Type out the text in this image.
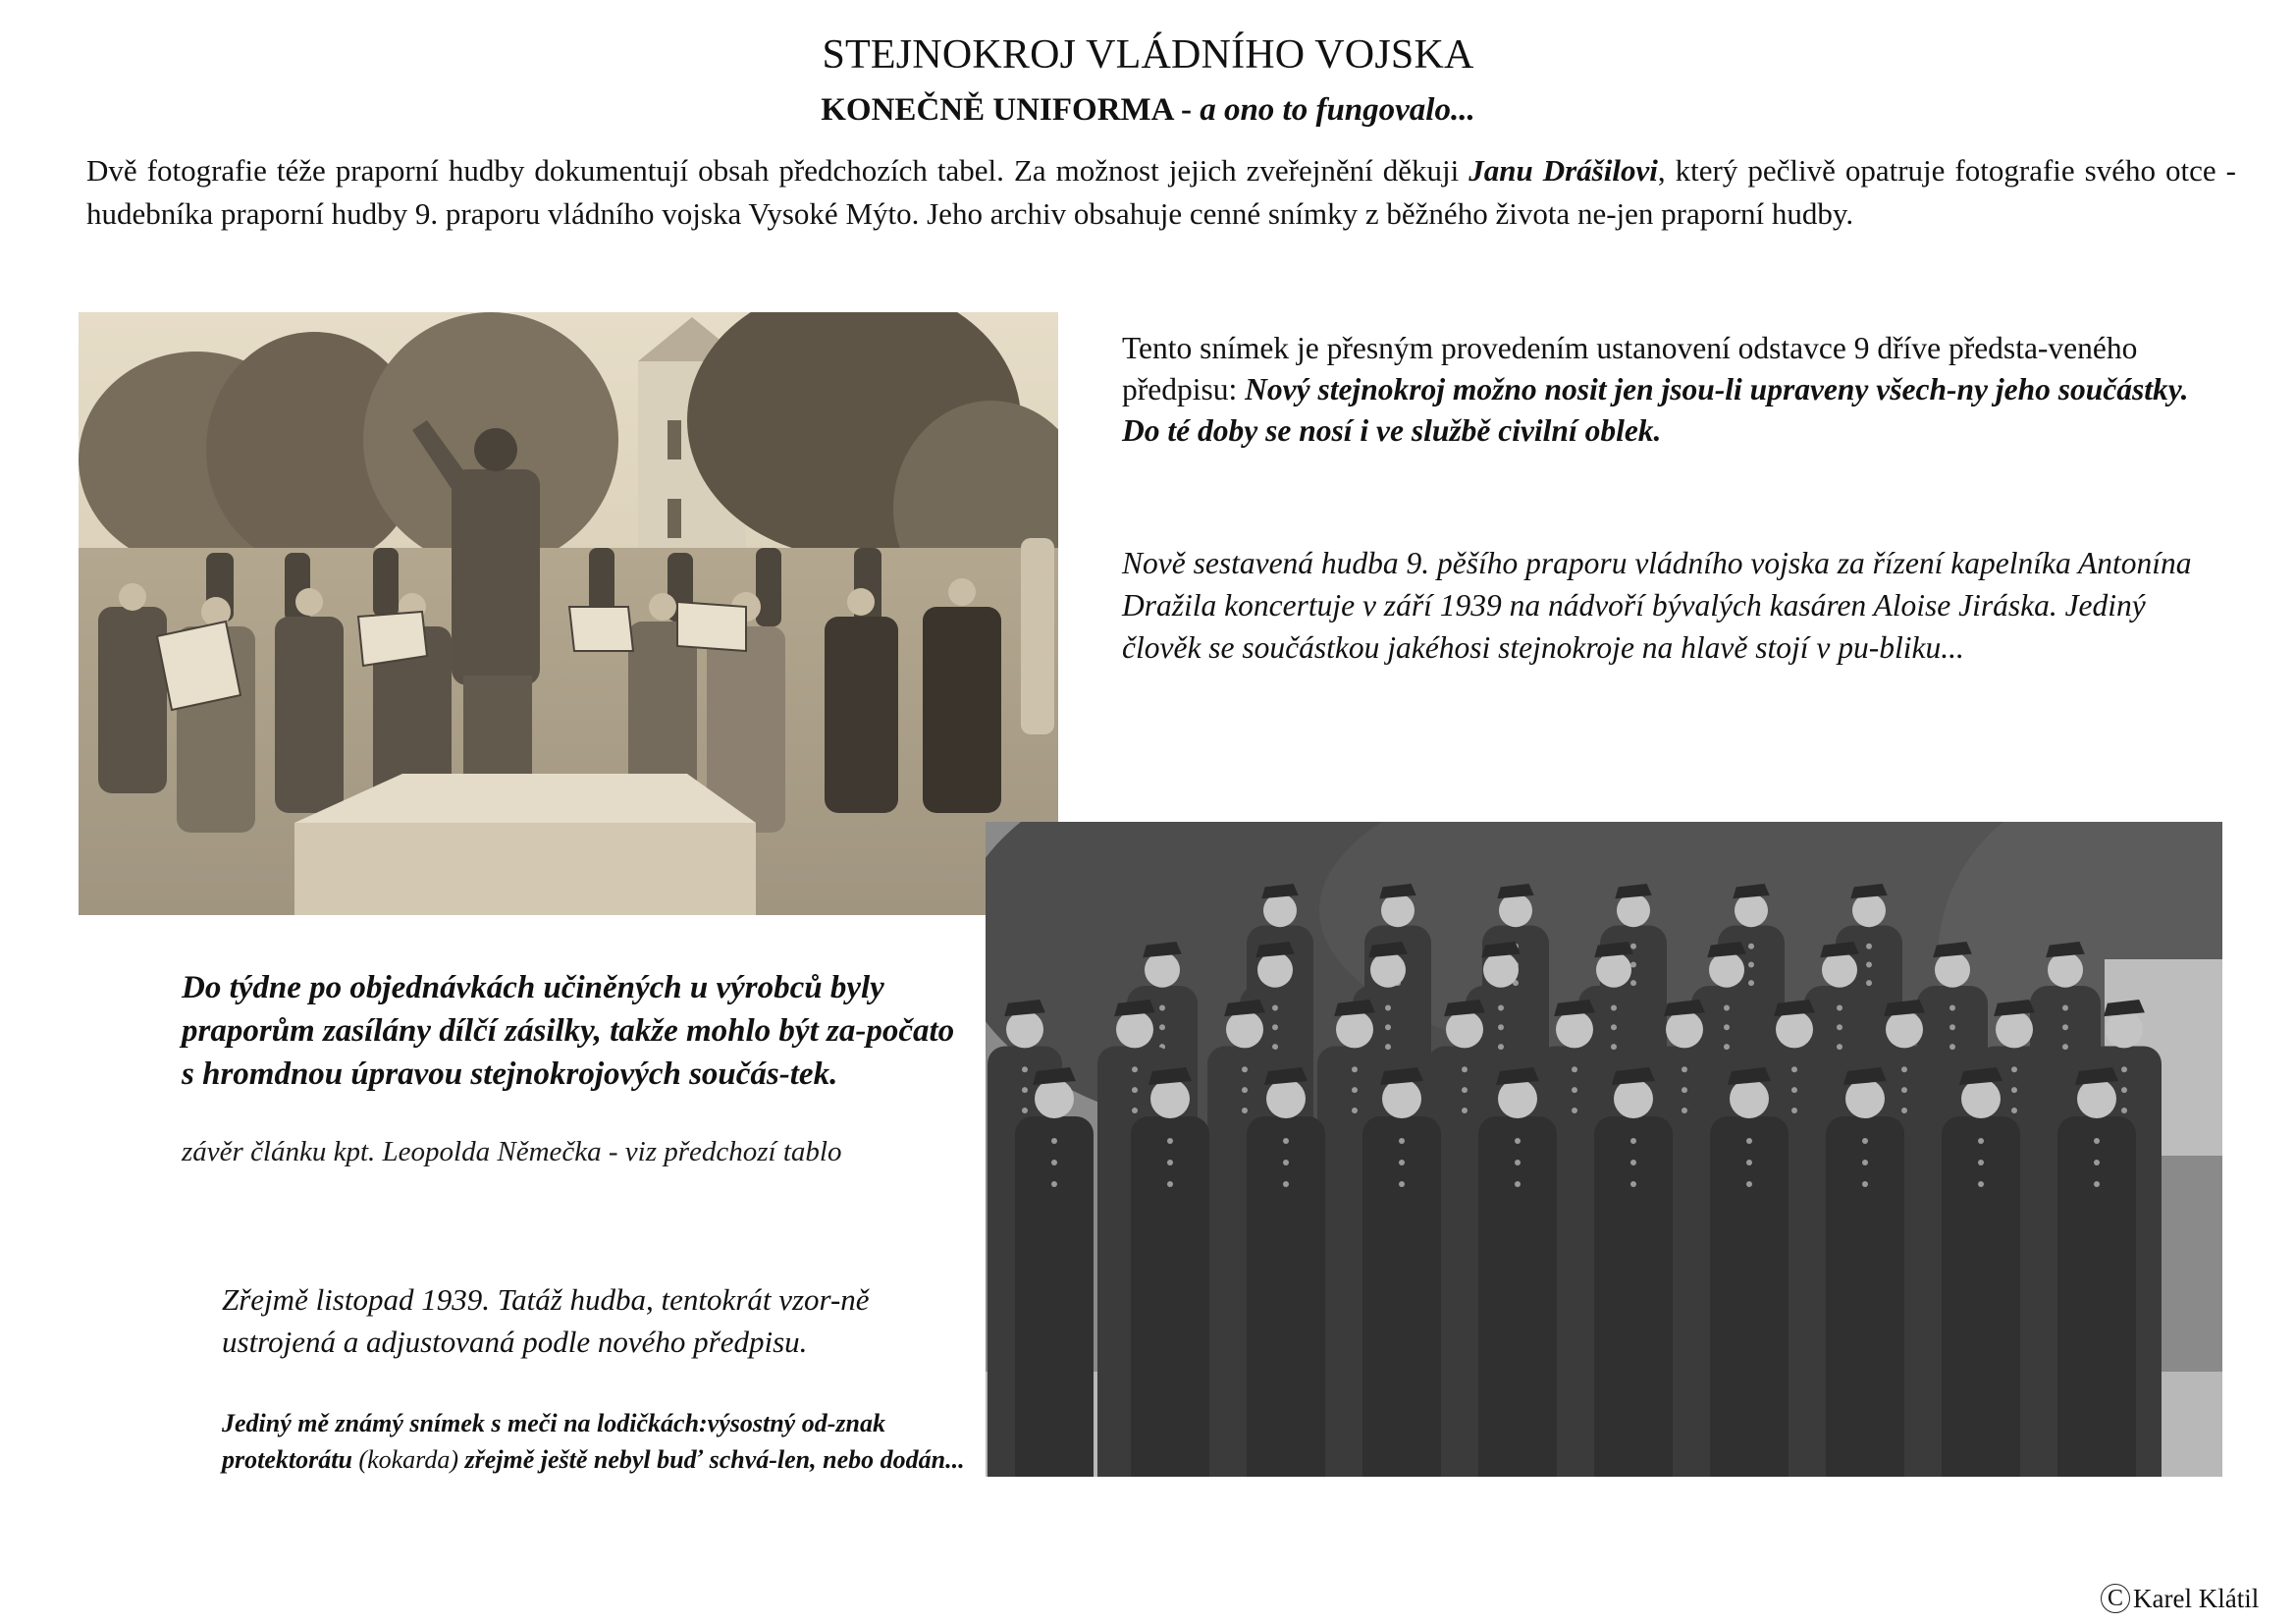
STEJNOKROJ VLÁDNÍHO VOJSKA
KONEČNĚ UNIFORMA - a ono to fungovalo...
Dvě fotografie téže praporní hudby dokumentují obsah předchozích tabel. Za možnost jejich zveřejnění děkuji Janu Drášilovi, který pečlivě opatruje fotografie svého otce - hudebníka praporní hudby 9. praporu vládního vojska Vysoké Mýto. Jeho archiv obsahuje cenné snímky z běžného života ne-jen praporní hudby.
Tento snímek je přesným provedením ustanovení odstavce 9 dříve předsta-veného předpisu: Nový stejnokroj možno nosit jen jsou-li upraveny všech-ny jeho součástky. Do té doby se nosí i ve službě civilní oblek.
Nově sestavená hudba 9. pěšího praporu vládního vojska za řízení kapelníka Antonína Dražila koncertuje v září 1939 na nádvoří bývalých kasáren Aloise Jiráska. Jediný člověk se součástkou jakéhosi stejnokroje na hlavě stojí v pu-bliku...
Do týdne po objednávkách učiněných u výrobců byly praporům zasílány dílčí zásilky, takže mohlo být za-počato s hromdnou úpravou stejnokrojových součás-tek.
závěr článku kpt. Leopolda Němečka - viz předchozí tablo
Zřejmě listopad 1939. Tatáž hudba, tentokrát vzor-ně ustrojená a adjustovaná podle nového předpisu.
Jediný mě známý snímek s meči na lodičkách:výsostný od-znak protektorátu (kokarda) zřejmě ještě nebyl buď schvá-len, nebo dodán...
C Karel Klátil
